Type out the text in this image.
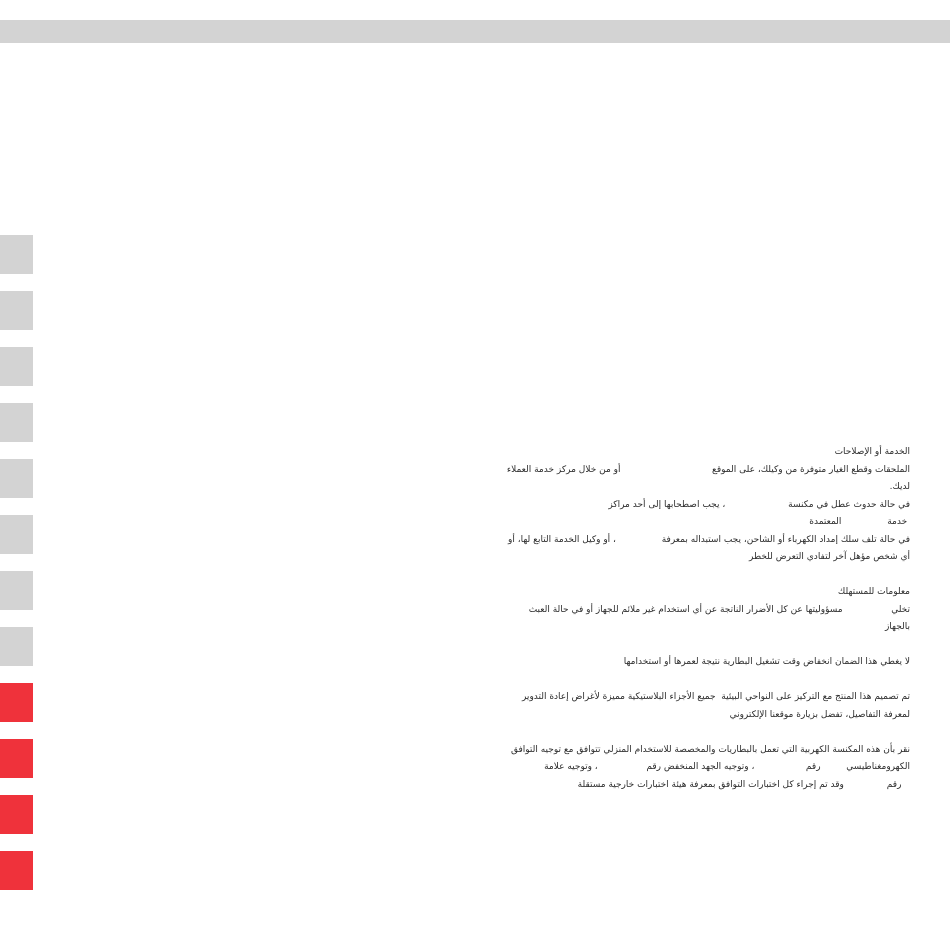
الخدمة أو الإصلاحات
الملحقات وقطع الغيار متوفرة من وكيلك، على الموقع                                أو من خلال مركز خدمة العملاء
لديك.
في حالة حدوث عطل في مكنسة                      ، يجب اصطحابها إلى أحد مراكز
خدمة                المعتمدة
في حالة تلف سلك إمداد الكهرباء أو الشاحن، يجب استبداله بمعرفة                ، أو وكيل الخدمة التابع لها، أو
أي شخص مؤهل آخر لتفادي التعرض للخطر
معلومات للمستهلك
تخلي                 مسؤوليتها عن كل الأضرار الناتجة عن أي استخدام غير ملائم للجهاز أو في حالة العبث
بالجهاز
لا يغطي هذا الضمان انخفاض وقت تشغيل البطارية نتيجة لعمرها أو استخدامها
تم تصميم هذا المنتج مع التركيز على النواحي البيئية  جميع الأجزاء البلاستيكية مميزة لأغراض إعادة التدوير
لمعرفة التفاصيل، تفضل بزيارة موقعنا الإلكتروني
نقر بأن هذه المكنسة الكهربية التي تعمل بالبطاريات والمخصصة للاستخدام المنزلي تتوافق مع توجيه التوافق
الكهرومغناطيسي         رقم                  ، وتوجيه الجهد المنخفض رقم                 ، وتوجيه علامة
رقم               وقد تم إجراء كل اختبارات التوافق بمعرفة هيئة اختبارات خارجية مستقلة
